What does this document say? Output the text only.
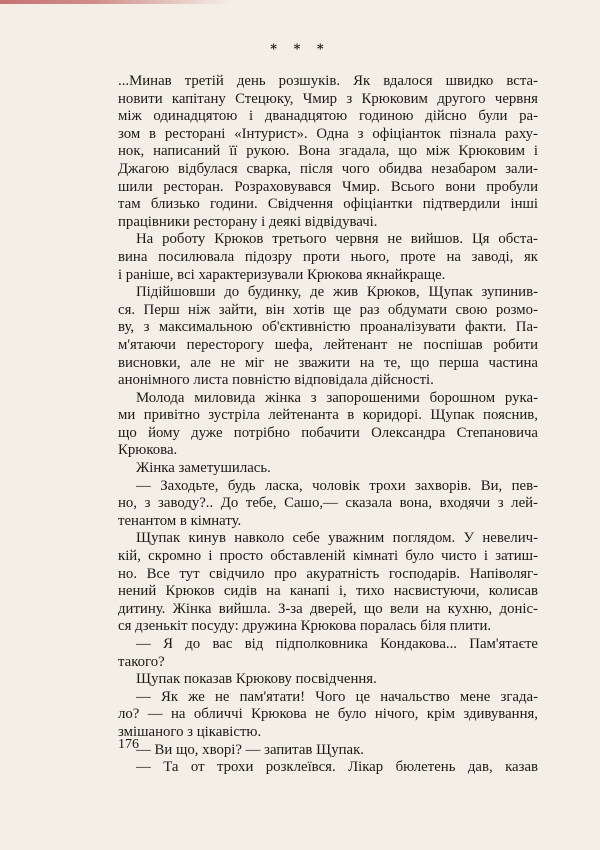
* * *
...Минав третій день розшуків. Як вдалося швидко вста-
новити капітану Стецюку, Чмир з Крюковим другого червня
між одинадцятою і дванадцятою годиною дійсно були ра-
зом в ресторані «Інтурист». Одна з офіціанток пізнала раху-
нок, написаний її рукою. Вона згадала, що між Крюковим і
Джагою відбулася сварка, після чого обидва незабаром зали-
шили ресторан. Розраховувався Чмир. Всього вони пробули
там близько години. Свідчення офіціантки підтвердили інші
працівники ресторану і деякі відвідувачі.
На роботу Крюков третього червня не вийшов. Ця обста-
вина посилювала підозру проти нього, проте на заводі, як
і раніше, всі характеризували Крюкова якнайкраще.
Підійшовши до будинку, де жив Крюков, Щупак зупинив-
ся. Перш ніж зайти, він хотів ще раз обдумати свою розмо-
ву, з максимальною об'єктивністю проаналізувати факти. Па-
м'ятаючи пересторогу шефа, лейтенант не поспішав робити
висновки, але не міг не зважити на те, що перша частина
анонімного листа повністю відповідала дійсності.
Молода миловида жінка з запорошеними борошном рука-
ми привітно зустріла лейтенанта в коридорі. Щупак пояснив,
що йому дуже потрібно побачити Олександра Степановича
Крюкова.
Жінка заметушилась.
— Заходьте, будь ласка, чоловік трохи захворів. Ви, пев-
но, з заводу?.. До тебе, Сашо,— сказала вона, входячи з лей-
тенантом в кімнату.
Щупак кинув навколо себе уважним поглядом. У невелич-
кій, скромно і просто обставленій кімнаті було чисто і затиш-
но. Все тут свідчило про акуратність господарів. Напіволяг-
нений Крюков сидів на канапі і, тихо насвистуючи, колисав
дитину. Жінка вийшла. З-за дверей, що вели на кухню, доніс-
ся дзенькіт посуду: дружина Крюкова поралась біля плити.
— Я до вас від підполковника Кондакова... Пам'ятаєте
такого?
Щупак показав Крюкову посвідчення.
— Як же не пам'ятати! Чого це начальство мене згада-
ло? — на обличчі Крюкова не було нічого, крім здивування,
змішаного з цікавістю.
— Ви що, хворі? — запитав Щупак.
— Та от трохи розклеївся. Лікар бюлетень дав, казав
176
